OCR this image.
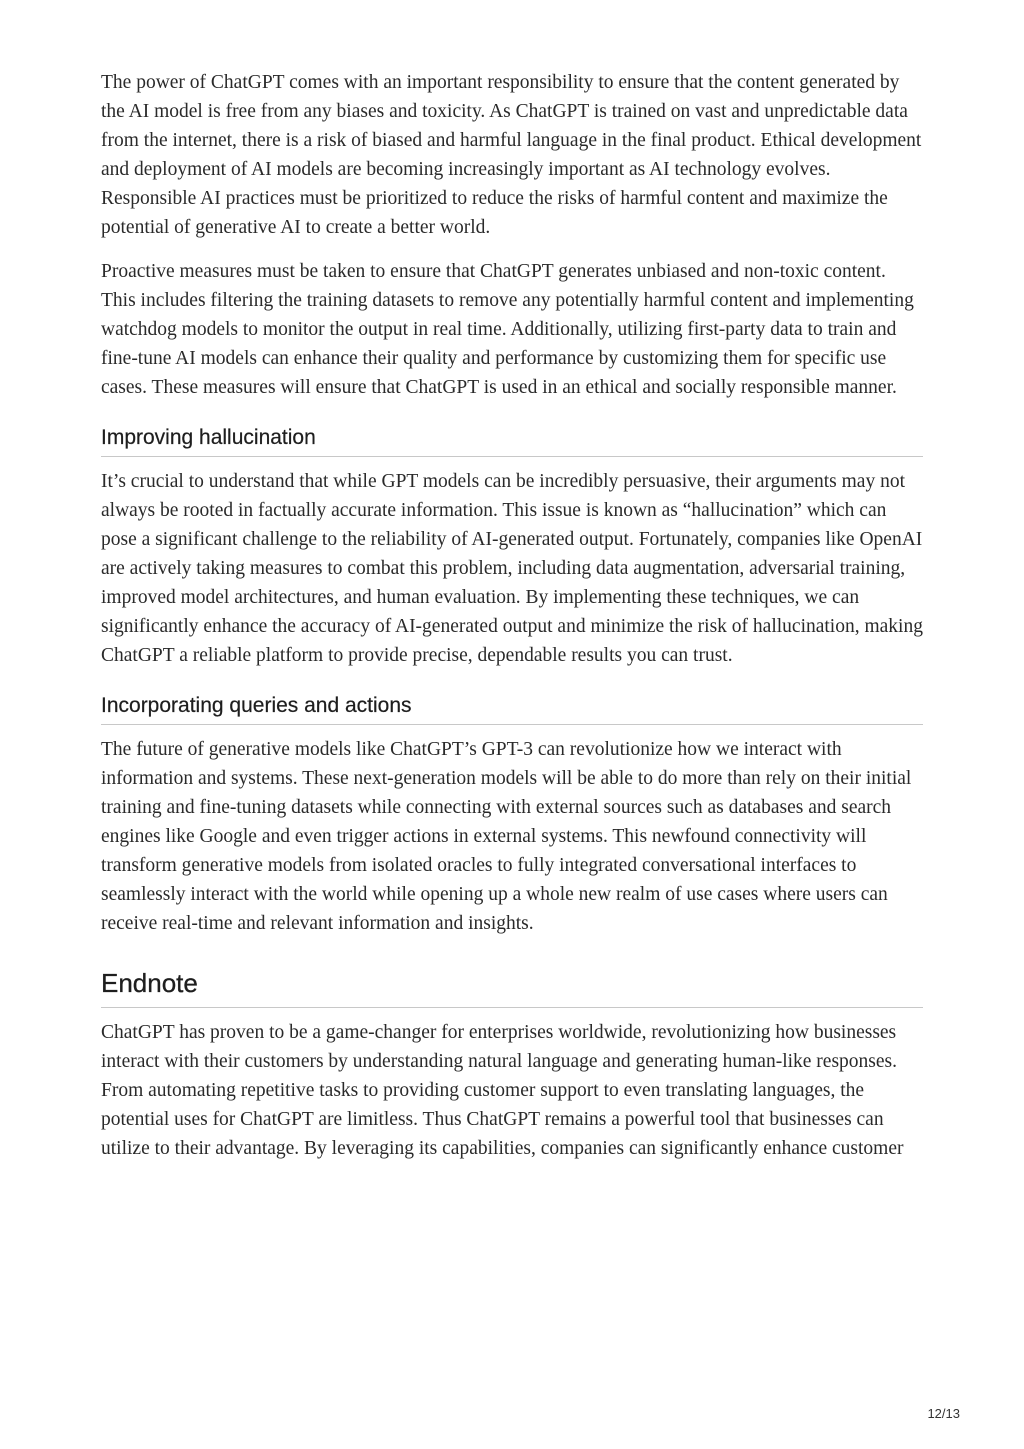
The power of ChatGPT comes with an important responsibility to ensure that the content generated by the AI model is free from any biases and toxicity. As ChatGPT is trained on vast and unpredictable data from the internet, there is a risk of biased and harmful language in the final product. Ethical development and deployment of AI models are becoming increasingly important as AI technology evolves. Responsible AI practices must be prioritized to reduce the risks of harmful content and maximize the potential of generative AI to create a better world.

Proactive measures must be taken to ensure that ChatGPT generates unbiased and non-toxic content. This includes filtering the training datasets to remove any potentially harmful content and implementing watchdog models to monitor the output in real time. Additionally, utilizing first-party data to train and fine-tune AI models can enhance their quality and performance by customizing them for specific use cases. These measures will ensure that ChatGPT is used in an ethical and socially responsible manner.

Improving hallucination

It’s crucial to understand that while GPT models can be incredibly persuasive, their arguments may not always be rooted in factually accurate information. This issue is known as “hallucination” which can pose a significant challenge to the reliability of AI-generated output. Fortunately, companies like OpenAI are actively taking measures to combat this problem, including data augmentation, adversarial training, improved model architectures, and human evaluation. By implementing these techniques, we can significantly enhance the accuracy of AI-generated output and minimize the risk of hallucination, making ChatGPT a reliable platform to provide precise, dependable results you can trust.

Incorporating queries and actions

The future of generative models like ChatGPT’s GPT-3 can revolutionize how we interact with information and systems. These next-generation models will be able to do more than rely on their initial training and fine-tuning datasets while connecting with external sources such as databases and search engines like Google and even trigger actions in external systems. This newfound connectivity will transform generative models from isolated oracles to fully integrated conversational interfaces to seamlessly interact with the world while opening up a whole new realm of use cases where users can receive real-time and relevant information and insights.

Endnote

ChatGPT has proven to be a game-changer for enterprises worldwide, revolutionizing how businesses interact with their customers by understanding natural language and generating human-like responses. From automating repetitive tasks to providing customer support to even translating languages, the potential uses for ChatGPT are limitless. Thus ChatGPT remains a powerful tool that businesses can utilize to their advantage. By leveraging its capabilities, companies can significantly enhance customer

12/13
